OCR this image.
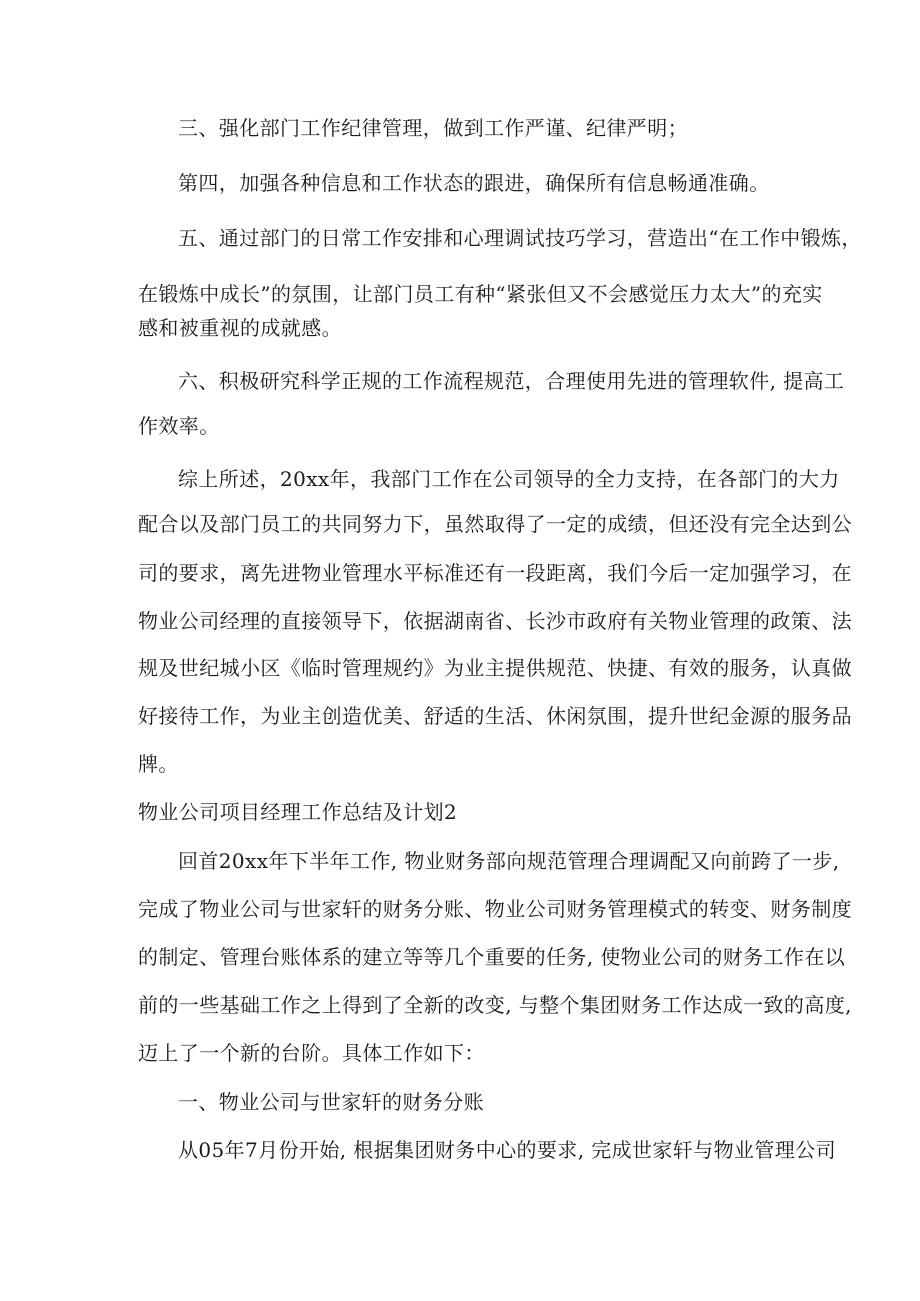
三、强化部门工作纪律管理，做到工作严谨、纪律严明；
第四，加强各种信息和工作状态的跟进，确保所有信息畅通准确。
五、通过部门的日常工作安排和心理调试技巧学习，营造出“在工作中锻炼，
在锻炼中成长”的氛围，让部门员工有种“紧张但又不会感觉压力太大”的充实
感和被重视的成就感。
六、积极研究科学正规的工作流程规范，合理使用先进的管理软件, 提高工
作效率。
综上所述，20xx年，我部门工作在公司领导的全力支持，在各部门的大力
配合以及部门员工的共同努力下，虽然取得了一定的成绩，但还没有完全达到公
司的要求，离先进物业管理水平标准还有一段距离，我们今后一定加强学习，在
物业公司经理的直接领导下，依据湖南省、长沙市政府有关物业管理的政策、法
规及世纪城小区《临时管理规约》为业主提供规范、快捷、有效的服务，认真做
好接待工作，为业主创造优美、舒适的生活、休闲氛围，提升世纪金源的服务品
牌。
物业公司项目经理工作总结及计划2
回首20xx年下半年工作, 物业财务部向规范管理合理调配又向前跨了一步,
完成了物业公司与世家轩的财务分账、物业公司财务管理模式的转变、财务制度
的制定、管理台账体系的建立等等几个重要的任务, 使物业公司的财务工作在以
前的一些基础工作之上得到了全新的改变, 与整个集团财务工作达成一致的高度,
迈上了一个新的台阶。具体工作如下：
一、物业公司与世家轩的财务分账
从05年7月份开始, 根据集团财务中心的要求, 完成世家轩与物业管理公司
